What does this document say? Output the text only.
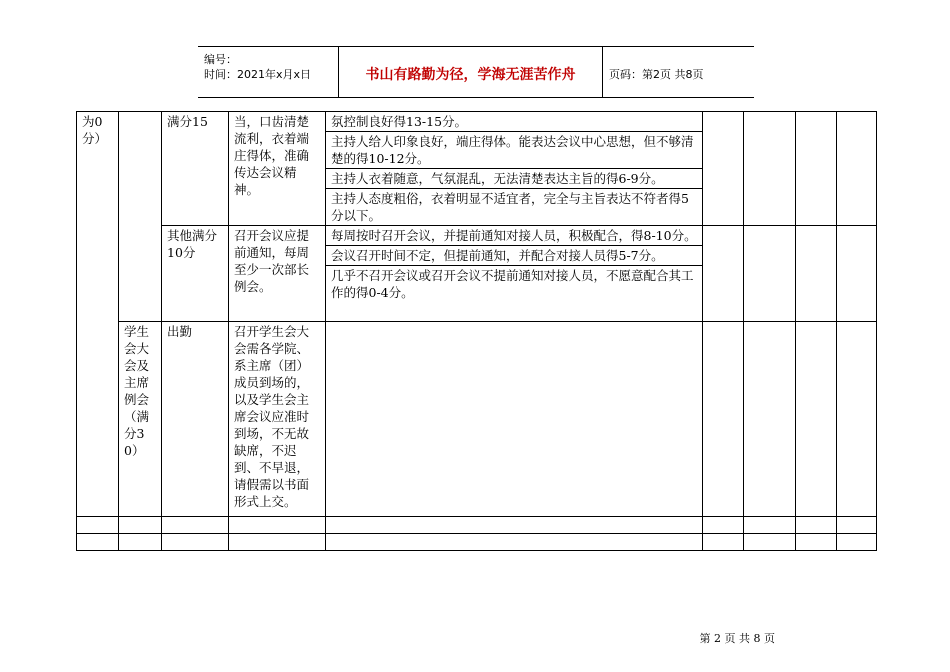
编号：
时间：2021年x月x日	书山有路勤为径，学海无涯苦作舟	页码：第2页 共8页
为0分）		满分15	当，口齿清楚流利，衣着端庄得体，准确传达会议精神。	氛控制良好得13-15分。
主持人给人印象良好，端庄得体。能表达会议中心思想，但不够清楚的得10-12分。
主持人衣着随意，气氛混乱，无法清楚表达主旨的得6-9分。
主持人态度粗俗，衣着明显不适宜者，完全与主旨表达不符者得5分以下。				

		其他满分10分	召开会议应提前通知，每周至少一次部长例会。	每周按时召开会议，并提前通知对接人员，积极配合，得8-10分。
会议召开时间不定，但提前通知，并配合对接人员得5-7分。
几乎不召开会议或召开会议不提前通知对接人员，不愿意配合其工作的得0-4分。				

	学生会大会及主席例会（满分30）	出勤	召开学生会大会需各学院、系主席（团）成员到场的，以及学生会主席会议应准时到场，不无故缺席，不迟到、不早退，请假需以书面形式上交。					

第 2 页 共 8 页
